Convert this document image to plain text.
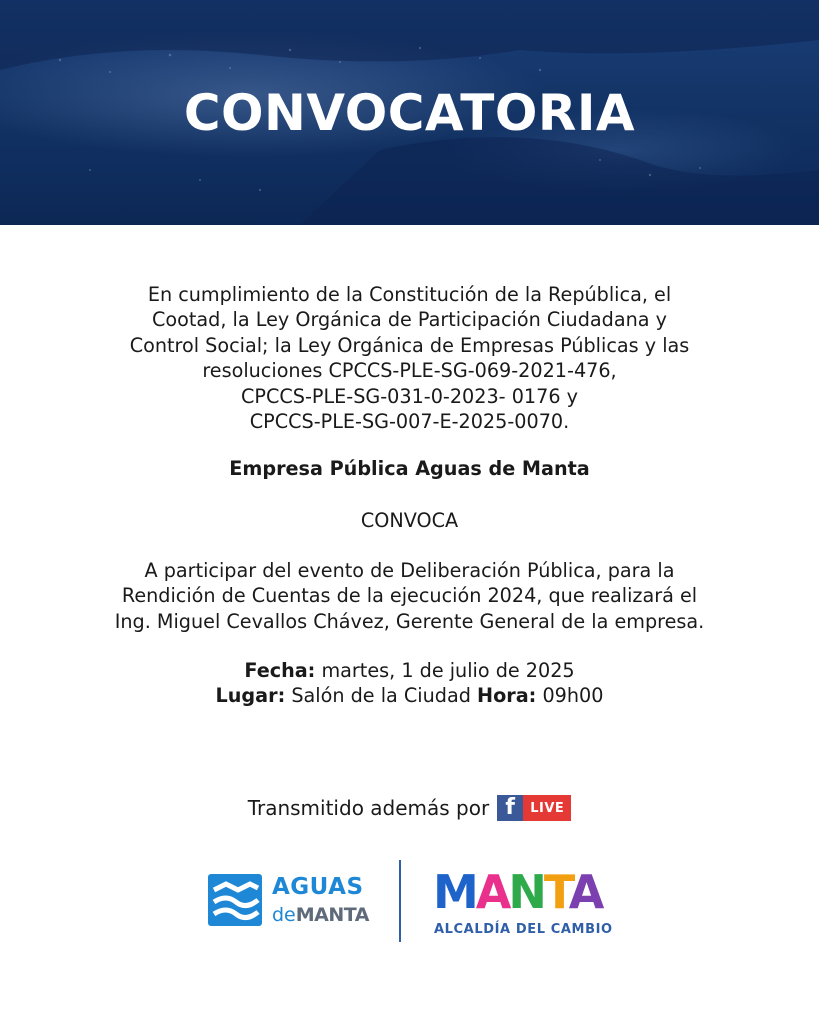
CONVOCATORIA
En cumplimiento de la Constitución de la República, el
Cootad, la Ley Orgánica de Participación Ciudadana y
Control Social; la Ley Orgánica de Empresas Públicas y las
resoluciones CPCCS-PLE-SG-069-2021-476,
CPCCS-PLE-SG-031-0-2023- 0176 y
CPCCS-PLE-SG-007-E-2025-0070.
Empresa Pública Aguas de Manta
CONVOCA
A participar del evento de Deliberación Pública, para la
Rendición de Cuentas de la ejecución 2024, que realizará el
Ing. Miguel Cevallos Chávez, Gerente General de la empresa.
Fecha: martes, 1 de julio de 2025
Lugar: Salón de la Ciudad Hora: 09h00
Transmitido además por f	LIVE
AGUAS
deMANTA MANTA
ALCALDÍA DEL CAMBIO
